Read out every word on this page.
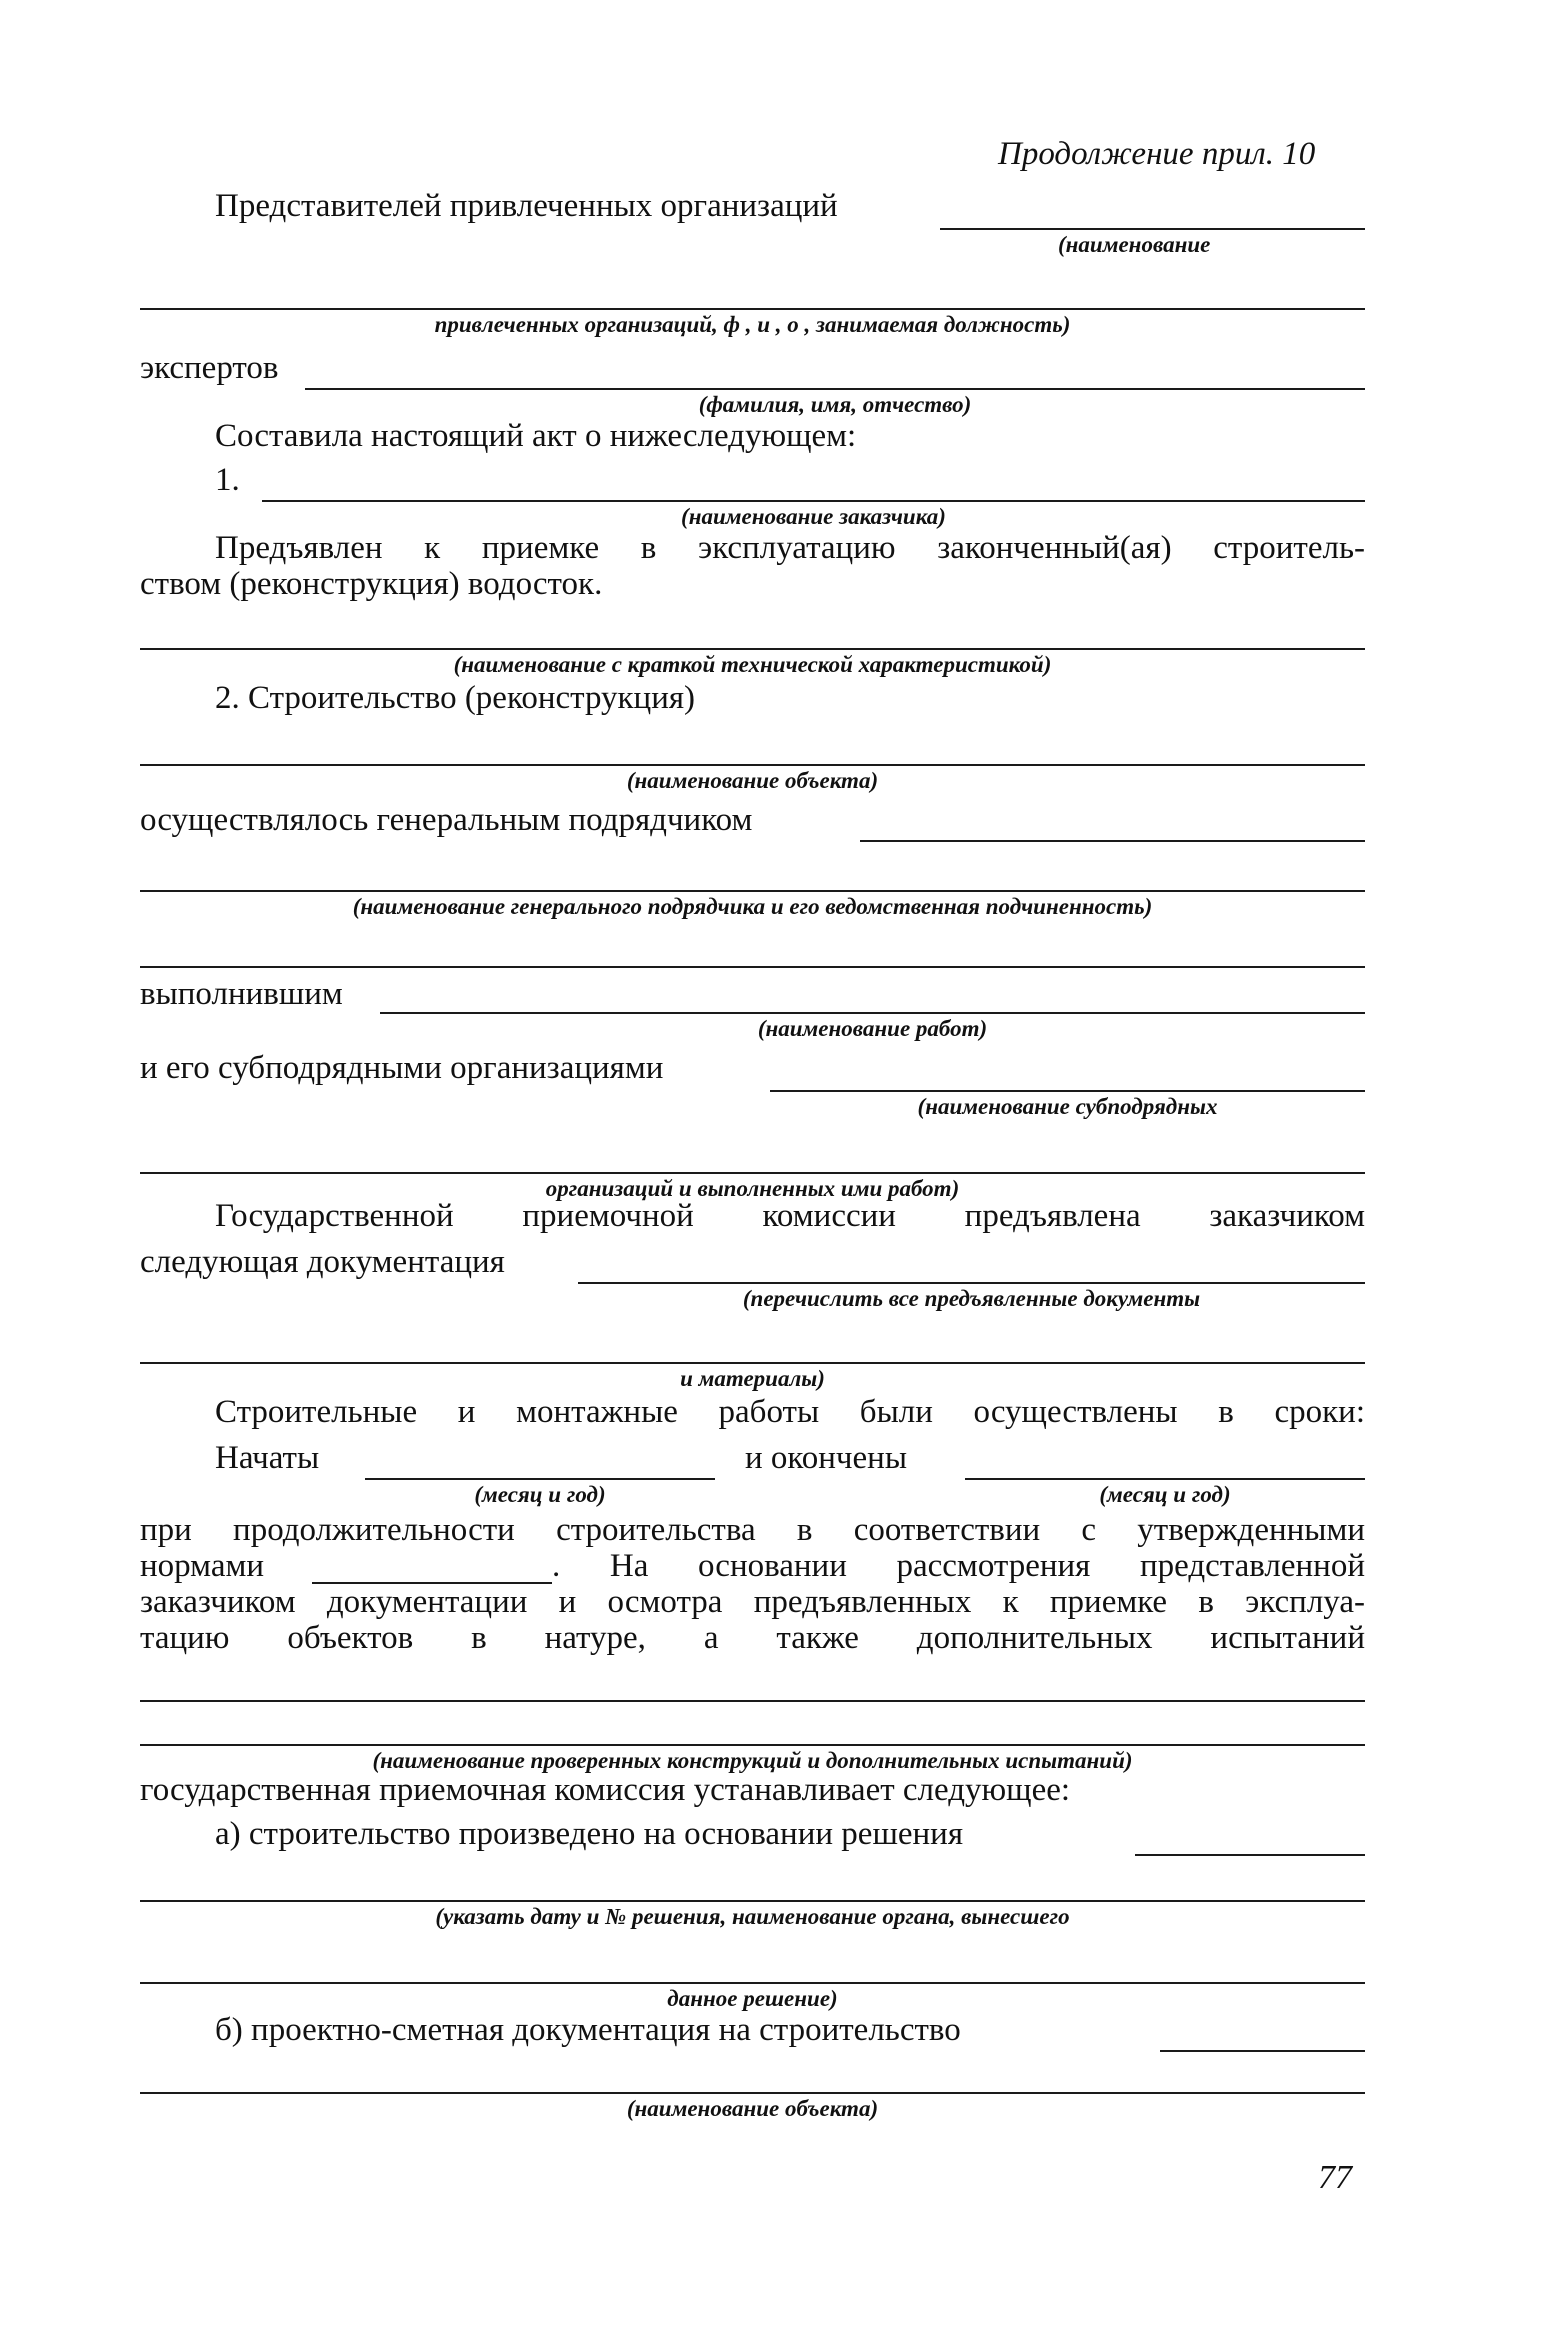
Продолжение прил. 10
Представителей привлеченных организаций
(наименование
привлеченных организаций, ф , и , о , занимаемая должность)
экспертов
(фамилия, имя, отчество)
Составила настоящий акт о нижеследующем:
1.
(наименование заказчика)
Предъявлен к приемке в эксплуатацию законченный(ая) строитель-
ством (реконструкция) водосток.
(наименование с краткой технической характеристикой)
2. Строительство (реконструкция)
(наименование объекта)
осуществлялось генеральным подрядчиком
(наименование генерального подрядчика и его ведомственная подчиненность)
выполнившим
(наименование работ)
и его субподрядными организациями
(наименование субподрядных
организаций и выполненных ими работ)
Государственной приемочной комиссии предъявлена заказчиком
следующая документация
(перечислить все предъявленные документы
и материалы)
Строительные и монтажные работы были осуществлены в сроки:
Начаты
(месяц и год)
и окончены
(месяц и год)
при продолжительности строительства в соответствии с утвержденными
нормами	. На основании рассмотрения представленной
заказчиком документации и осмотра предъявленных к приемке в эксплуа-
тацию объектов в натуре, а также дополнительных испытаний
(наименование проверенных конструкций и дополнительных испытаний)
государственная приемочная комиссия устанавливает следующее:
а) строительство произведено на основании решения
(указать дату и № решения, наименование органа, вынесшего
данное решение)
б) проектно-сметная документация на строительство
(наименование объекта)
77
